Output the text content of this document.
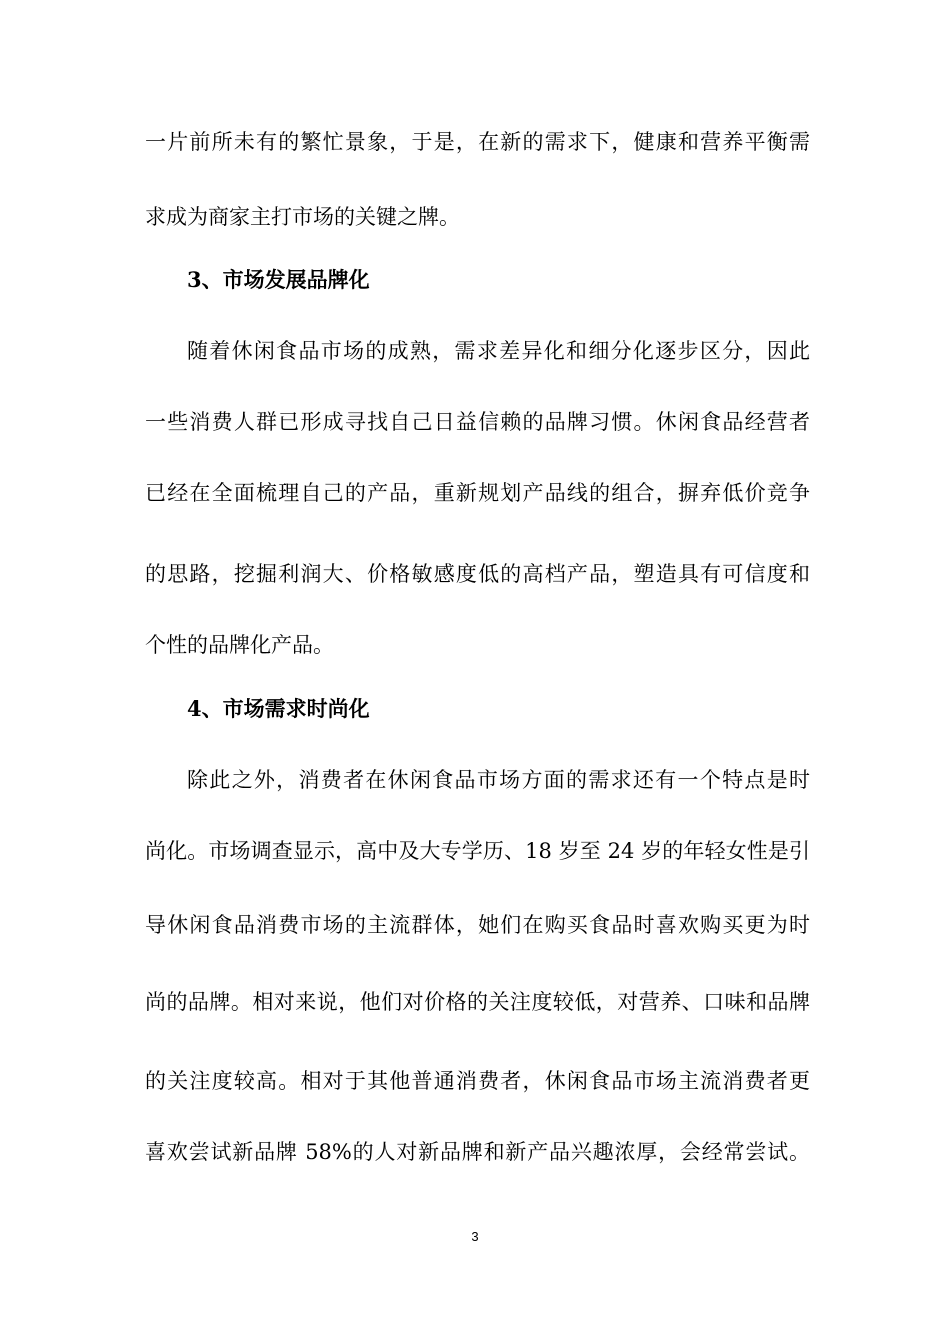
一片前所未有的繁忙景象，于是，在新的需求下，健康和营养平衡需
求成为商家主打市场的关键之牌。
3、市场发展品牌化
随着休闲食品市场的成熟，需求差异化和细分化逐步区分，因此
一些消费人群已形成寻找自己日益信赖的品牌习惯。休闲食品经营者
已经在全面梳理自己的产品，重新规划产品线的组合，摒弃低价竞争
的思路，挖掘利润大、价格敏感度低的高档产品，塑造具有可信度和
个性的品牌化产品。
4、市场需求时尚化
除此之外，消费者在休闲食品市场方面的需求还有一个特点是时
尚化。市场调查显示，高中及大专学历、18 岁至 24 岁的年轻女性是引
导休闲食品消费市场的主流群体，她们在购买食品时喜欢购买更为时
尚的品牌。相对来说，他们对价格的关注度较低，对营养、口味和品牌
的关注度较高。相对于其他普通消费者，休闲食品市场主流消费者更
喜欢尝试新品牌 58%的人对新品牌和新产品兴趣浓厚，会经常尝试。
3
